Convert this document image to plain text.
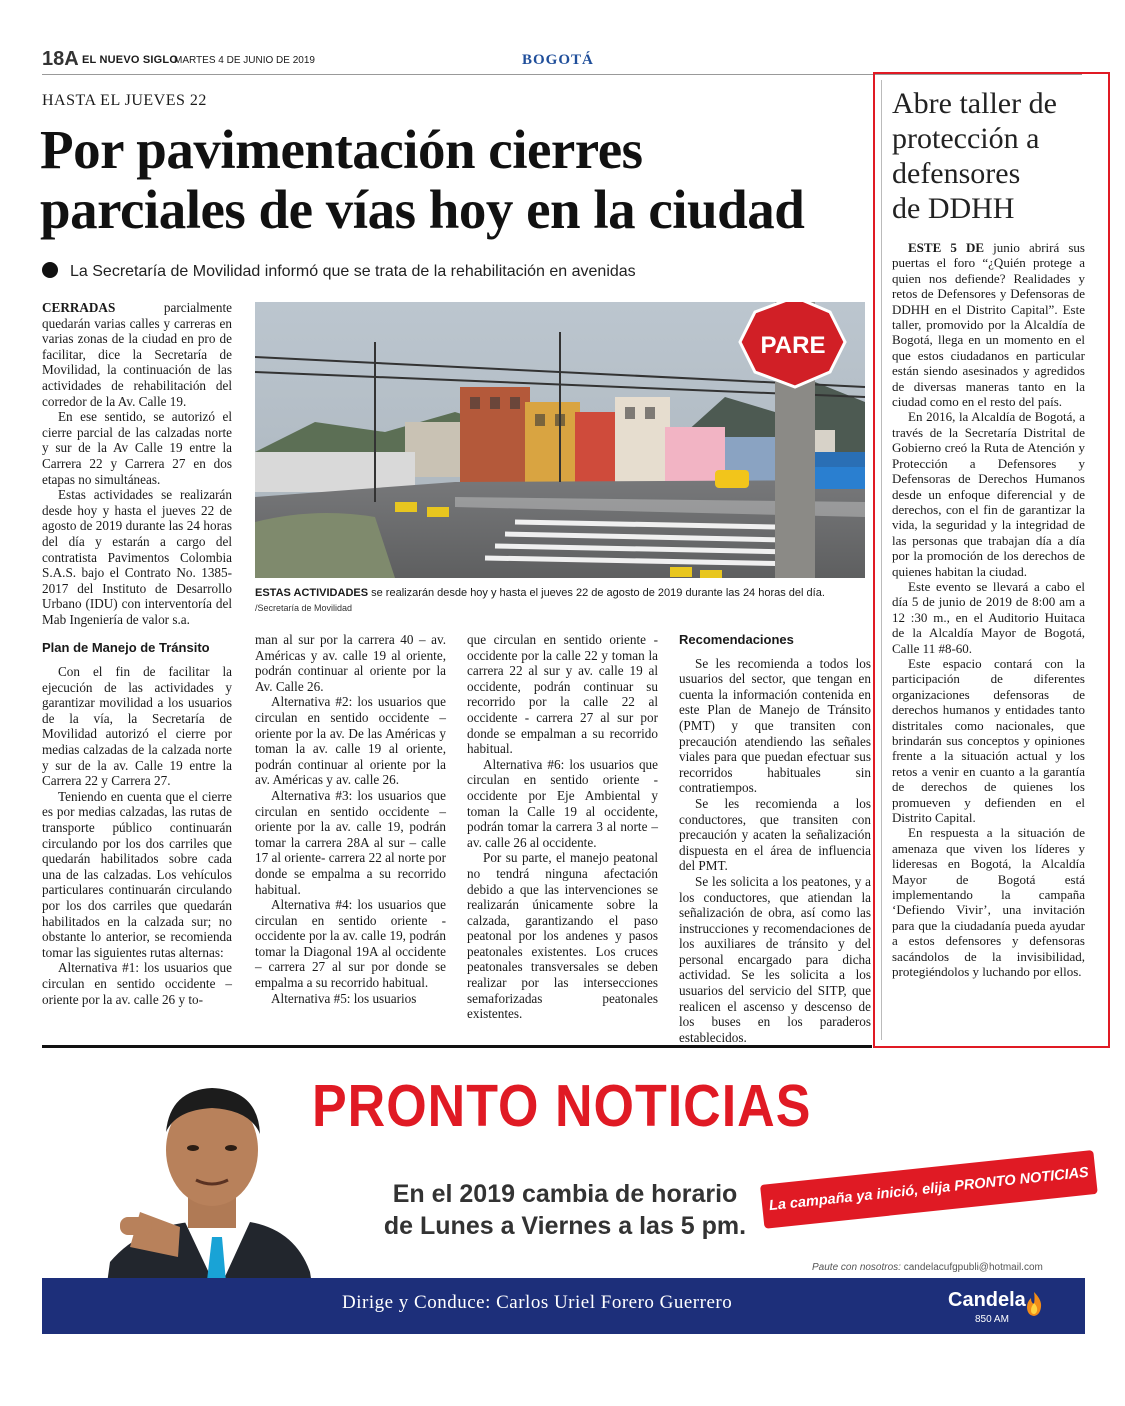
18A EL NUEVO SIGLO
MARTES 4 DE JUNIO DE 2019	BOGOTÁ
HASTA EL JUEVES 22
Por pavimentación cierres
parciales de vías hoy en la ciudad
La Secretaría de Movilidad informó que se trata de la rehabilitación en avenidas

CERRADAS parcialmente quedarán varias calles y carreras en varias zonas de la ciudad en pro de facilitar, dice la Secretaría de Movilidad, la continuación de las actividades de rehabilitación del corredor de la Av. Calle 19.

En ese sentido, se autorizó el cierre parcial de las calzadas norte y sur de la Av Calle 19 entre la Carrera 22 y Carrera 27 en dos etapas no simultáneas.

Estas actividades se realizarán desde hoy y hasta el jueves 22 de agosto de 2019 durante las 24 horas del día y estarán a cargo del contratista Pavimentos Colombia S.A.S. bajo el Contrato No. 1385-2017 del Instituto de Desarrollo Urbano (IDU) con interventoría del Mab Ingeniería de valor s.a.

Plan de Manejo de Tránsito

Con el fin de facilitar la ejecución de las actividades y garantizar movilidad a los usuarios de la vía, la Secretaría de Movilidad autorizó el cierre por medias calzadas de la calzada norte y sur de la av. Calle 19 entre la Carrera 22 y Carrera 27.

Teniendo en cuenta que el cierre es por medias calzadas, las rutas de transporte público continuarán circulando por los dos carriles que quedarán habilitados sobre cada una de las calzadas. Los vehículos particulares continuarán circulando por los dos carriles que quedarán habilitados en la calzada sur; no obstante lo anterior, se recomienda tomar las siguientes rutas alternas:

Alternativa #1: los usuarios que circulan en sentido occidente – oriente por la av. calle 26 y to-

PARE
ESTAS ACTIVIDADES se realizarán desde hoy y hasta el jueves 22 de agosto de 2019 durante las 24 horas del día.
/Secretaría de Movilidad

man al sur por la carrera 40 – av. Américas y av. calle 19 al oriente, podrán continuar al oriente por la Av. Calle 26.

Alternativa #2: los usuarios que circulan en sentido occidente – oriente por la av. De las Américas y toman la av. calle 19 al oriente, podrán continuar al oriente por la av. Américas y av. calle 26.

Alternativa #3: los usuarios que circulan en sentido occidente – oriente por la av. calle 19, podrán tomar la carrera 28A al sur – calle 17 al oriente- carrera 22 al norte por donde se empalma a su recorrido habitual.

Alternativa #4: los usuarios que circulan en sentido oriente - occidente por la av. calle 19, podrán tomar la Diagonal 19A al occidente – carrera 27 al sur por donde se empalma a su recorrido habitual.

Alternativa #5: los usuarios

que circulan en sentido oriente - occidente por la calle 22 y toman la carrera 22 al sur y av. calle 19 al occidente, podrán continuar su recorrido por la calle 22 al occidente - carrera 27 al sur por donde se empalman a su recorrido habitual.

Alternativa #6: los usuarios que circulan en sentido oriente - occidente por Eje Ambiental y toman la Calle 19 al occidente, podrán tomar la carrera 3 al norte – av. calle 26 al occidente.

Por su parte, el manejo peatonal no tendrá ninguna afectación debido a que las intervenciones se realizarán únicamente sobre la calzada, garantizando el paso peatonal por los andenes y pasos peatonales existentes. Los cruces peatonales transversales se deben realizar por las intersecciones semaforizadas peatonales existentes.

Recomendaciones

Se les recomienda a todos los usuarios del sector, que tengan en cuenta la información contenida en este Plan de Manejo de Tránsito (PMT) y que transiten con precaución atendiendo las señales viales para que puedan efectuar sus recorridos habituales sin contratiempos.

Se les recomienda a los conductores, que transiten con precaución y acaten la señalización dispuesta en el área de influencia del PMT.

Se les solicita a los peatones, y a los conductores, que atiendan la señalización de obra, así como las instrucciones y recomendaciones de los auxiliares de tránsito y del personal encargado para dicha actividad. Se les solicita a los usuarios del servicio del SITP, que realicen el ascenso y descenso de los buses en los paraderos establecidos.

Abre taller de
protección a
defensores
de DDHH

ESTE 5 DE junio abrirá sus puertas el foro “¿Quién protege a quien nos defiende? Realidades y retos de Defensores y Defensoras de DDHH en el Distrito Capital”. Este taller, promovido por la Alcaldía de Bogotá, llega en un momento en el que estos ciudadanos en particular están siendo asesinados y agredidos de diversas maneras tanto en la ciudad como en el resto del país.

En 2016, la Alcaldía de Bogotá, a través de la Secretaría Distrital de Gobierno creó la Ruta de Atención y Protección a Defensores y Defensoras de Derechos Humanos desde un enfoque diferencial y de derechos, con el fin de garantizar la vida, la seguridad y la integridad de las personas que trabajan día a día por la promoción de los derechos de quienes habitan la ciudad.

Este evento se llevará a cabo el día 5 de junio de 2019 de 8:00 am a 12 :30 m., en el Auditorio Huitaca de la Alcaldía Mayor de Bogotá, Calle 11 #8-60.

Este espacio contará con la participación de diferentes organizaciones defensoras de derechos humanos y entidades tanto distritales como nacionales, que brindarán sus conceptos y opiniones frente a la situación actual y los retos a venir en cuanto a la garantía de derechos de quienes los promueven y defienden en el Distrito Capital.

En respuesta a la situación de amenaza que viven los líderes y lideresas en Bogotá, la Alcaldía Mayor de Bogotá está implementando la campaña ‘Defiendo Vivir’, una invitación para que la ciudadanía pueda ayudar a estos defensores y defensoras sacándolos de la invisibilidad, protegiéndolos y luchando por ellos.

PRONTO NOTICIAS
En el 2019 cambia de horario
de Lunes a Viernes a las 5 pm.
La campaña ya inició, elija PRONTO NOTICIAS
Paute con nosotros: candelacufgpubli@hotmail.com
Dirige y Conduce: Carlos Uriel Forero Guerrero	Candela
850 AM
